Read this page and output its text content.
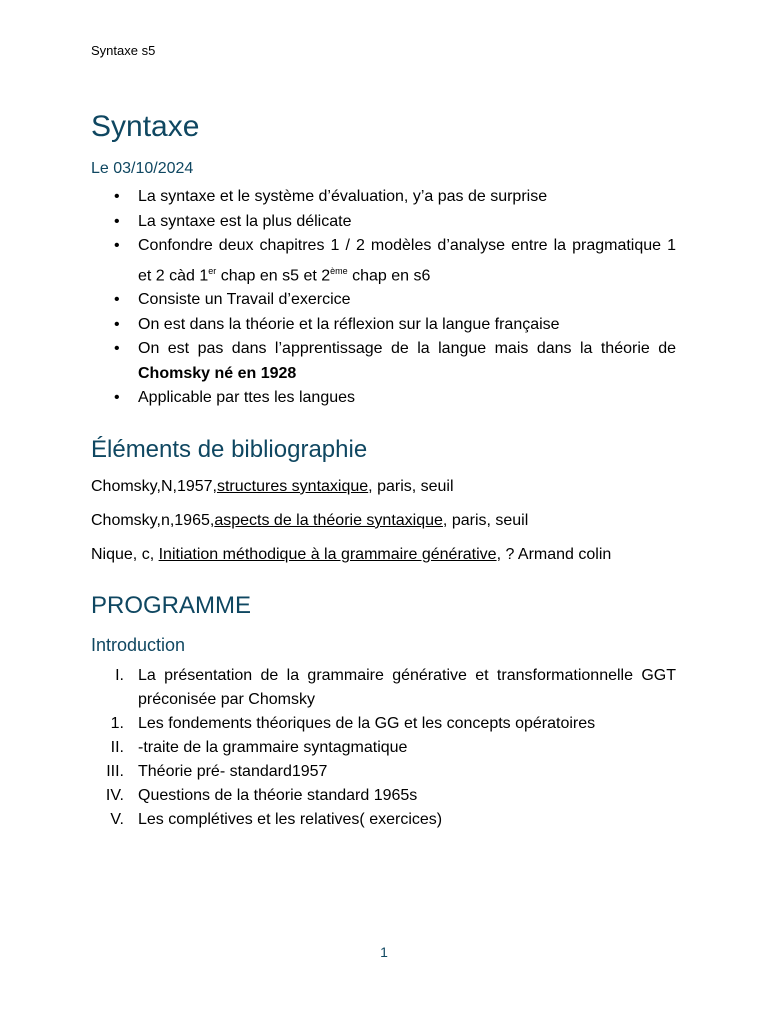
Syntaxe s5
Syntaxe
Le 03/10/2024
• La syntaxe et le système d’évaluation, y’a pas de surprise
• La syntaxe est la plus délicate
• Confondre deux chapitres 1 / 2 modèles d’analyse entre la pragmatique 1 et 2 càd 1er chap en s5 et 2ème chap en s6
• Consiste un Travail d’exercice
• On est dans la théorie et la réflexion sur la langue française
• On est pas dans l’apprentissage de la langue mais dans la théorie de Chomsky né en 1928
• Applicable par ttes les langues
Éléments de bibliographie

Chomsky,N,1957,structures syntaxique, paris, seuil

Chomsky,n,1965,aspects de la théorie syntaxique, paris, seuil

Nique, c, Initiation méthodique à la grammaire générative, ? Armand colin

PROGRAMME
Introduction
I. La présentation de la grammaire générative et transformationnelle GGT préconisée par Chomsky
1. Les fondements théoriques de la GG et les concepts opératoires
II. -traite de la grammaire syntagmatique
III. Théorie pré- standard1957
IV. Questions de la théorie standard 1965s
V. Les complétives et les relatives( exercices)
1
